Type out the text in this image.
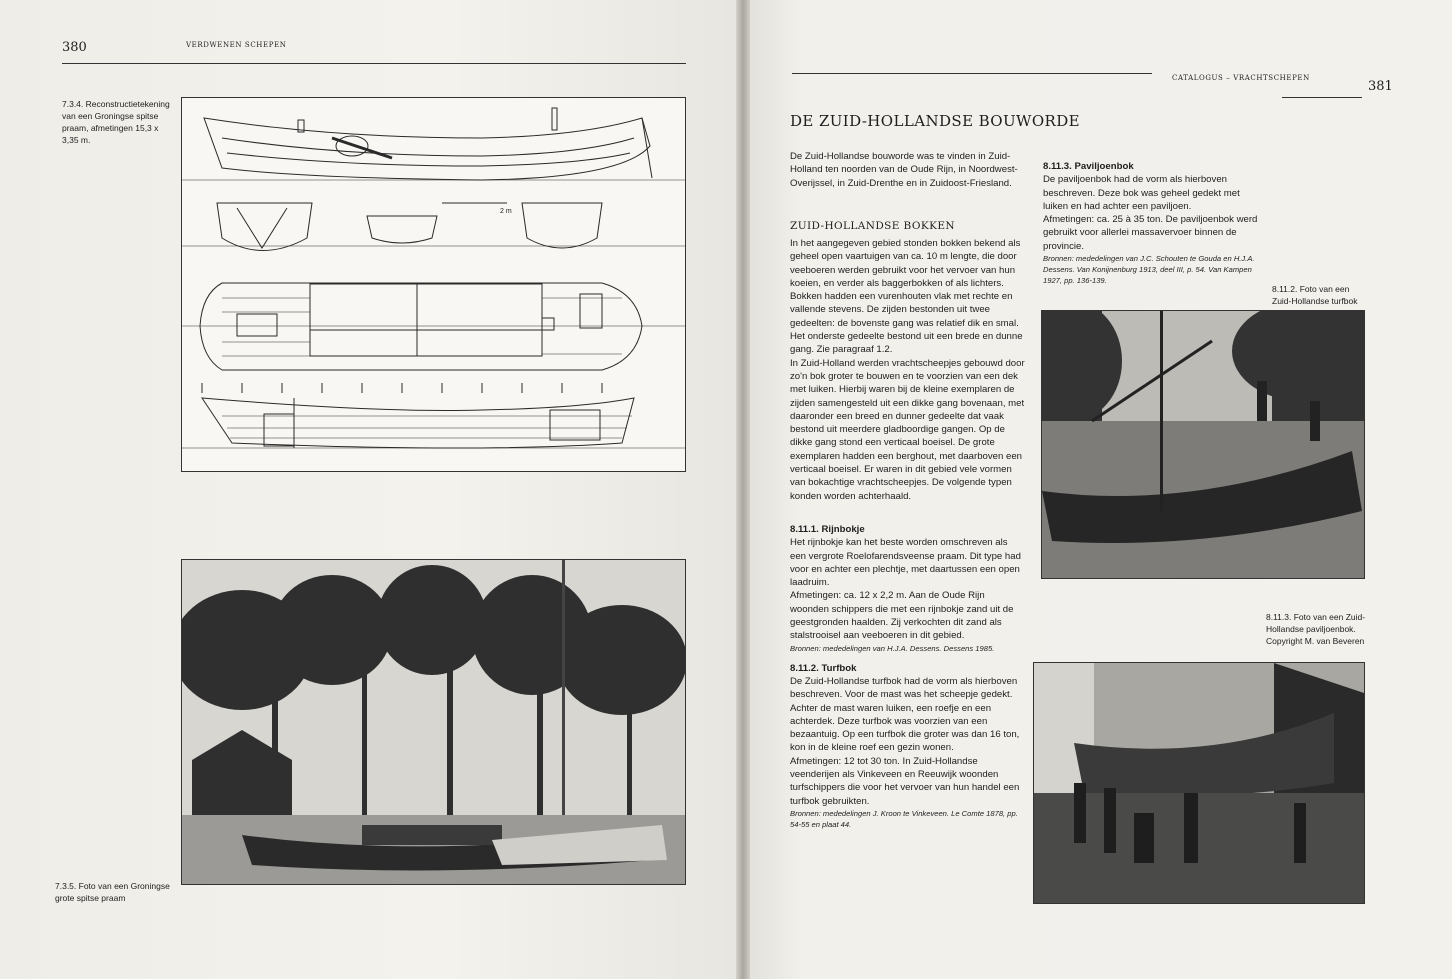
380	VERDWENEN SCHEPEN
7.3.4. Reconstructietekening van een Groningse spitse praam, afmetingen 15,3 x 3,35 m.
2 m
7.3.5. Foto van een Groningse grote spitse praam
CATALOGUS – VRACHTSCHEPEN
381
DE ZUID-HOLLANDSE BOUWORDE
De Zuid-Hollandse bouworde was te vinden in Zuid-Holland ten noorden van de Oude Rijn, in Noordwest-Overijssel, in Zuid-Drenthe en in Zuidoost-Friesland.
ZUID-HOLLANDSE BOKKEN

In het aangegeven gebied stonden bokken bekend als geheel open vaartuigen van ca. 10 m lengte, die door veeboeren werden gebruikt voor het vervoer van hun koeien, en verder als baggerbokken of als lichters. Bokken hadden een vurenhouten vlak met rechte en vallende stevens. De zijden bestonden uit twee gedeelten: de bovenste gang was relatief dik en smal. Het onderste gedeelte bestond uit een brede en dunne gang. Zie paragraaf 1.2.

In Zuid-Holland werden vrachtscheepjes gebouwd door zo'n bok groter te bouwen en te voorzien van een dek met luiken. Hierbij waren bij de kleine exemplaren de zijden samengesteld uit een dikke gang bovenaan, met daaronder een breed en dunner gedeelte dat vaak bestond uit meerdere gladboordige gangen. Op de dikke gang stond een verticaal boeisel. De grote exemplaren hadden een berghout, met daarboven een verticaal boeisel. Er waren in dit gebied vele vormen van bokachtige vrachtscheepjes. De volgende typen konden worden achterhaald.

8.11.1. Rijnbokje

Het rijnbokje kan het beste worden omschreven als een vergrote Roelofarendsveense praam. Dit type had voor en achter een plechtje, met daartussen een open laadruim.

Afmetingen: ca. 12 x 2,2 m. Aan de Oude Rijn woonden schippers die met een rijnbokje zand uit de geestgronden haalden. Zij verkochten dit zand als stalstrooisel aan veeboeren in dit gebied.

Bronnen: mededelingen van H.J.A. Dessens. Dessens 1985.

8.11.2. Turfbok

De Zuid-Hollandse turfbok had de vorm als hierboven beschreven. Voor de mast was het scheepje gedekt. Achter de mast waren luiken, een roefje en een achterdek. Deze turfbok was voorzien van een bezaantuig. Op een turfbok die groter was dan 16 ton, kon in de kleine roef een gezin wonen.

Afmetingen: 12 tot 30 ton. In Zuid-Hollandse veenderijen als Vinkeveen en Reeuwijk woonden turfschippers die voor het vervoer van hun handel een turfbok gebruikten.

Bronnen: mededelingen J. Kroon te Vinkeveen. Le Comte 1878, pp. 54-55 en plaat 44.

8.11.3. Paviljoenbok

De paviljoenbok had de vorm als hierboven beschreven. Deze bok was geheel gedekt met luiken en had achter een paviljoen.

Afmetingen: ca. 25 à 35 ton. De paviljoenbok werd gebruikt voor allerlei massavervoer binnen de provincie.

Bronnen: mededelingen van J.C. Schouten te Gouda en H.J.A. Dessens. Van Konijnenburg 1913, deel III, p. 54. Van Kampen 1927, pp. 136-139.

8.11.2. Foto van een Zuid-Hollandse turfbok
8.11.3. Foto van een Zuid-Hollandse paviljoenbok. Copyright M. van Beveren
